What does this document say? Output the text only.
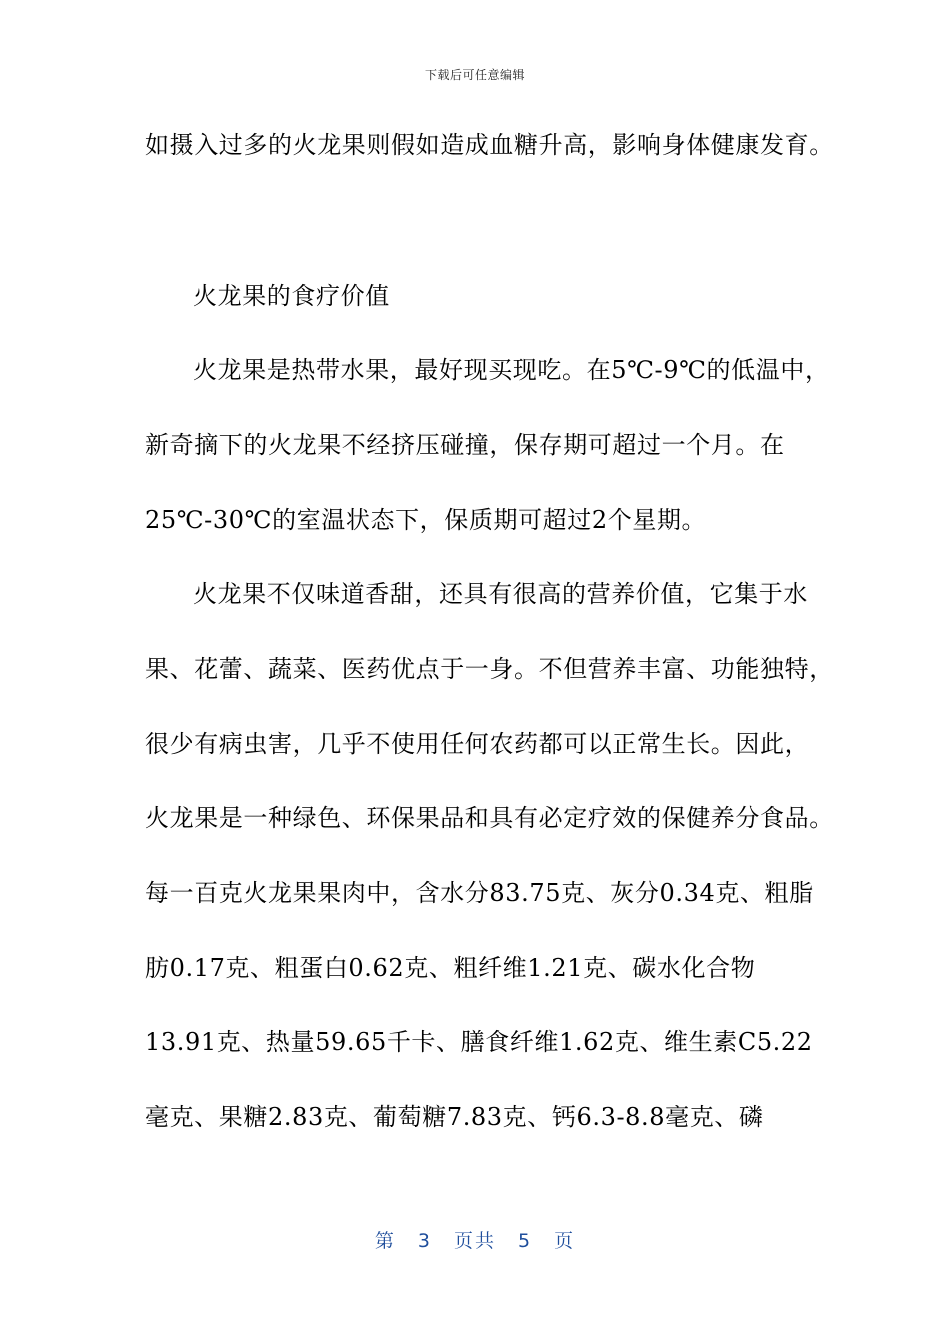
下载后可任意编辑
如摄入过多的火龙果则假如造成血糖升高，影响身体健康发育。
火龙果的食疗价值
火龙果是热带水果，最好现买现吃。在5℃-9℃的低温中，
新奇摘下的火龙果不经挤压碰撞，保存期可超过一个月。在
25℃-30℃的室温状态下，保质期可超过2个星期。
火龙果不仅味道香甜，还具有很高的营养价值，它集于水
果、花蕾、蔬菜、医药优点于一身。不但营养丰富、功能独特，
很少有病虫害，几乎不使用任何农药都可以正常生长。因此，
火龙果是一种绿色、环保果品和具有必定疗效的保健养分食品。
每一百克火龙果果肉中，含水分83.75克、灰分0.34克、粗脂
肪0.17克、粗蛋白0.62克、粗纤维1.21克、碳水化合物
13.91克、热量59.65千卡、膳食纤维1.62克、维生素C5.22
毫克、果糖2.83克、葡萄糖7.83克、钙6.3-8.8毫克、磷
第 3 页共 5 页
